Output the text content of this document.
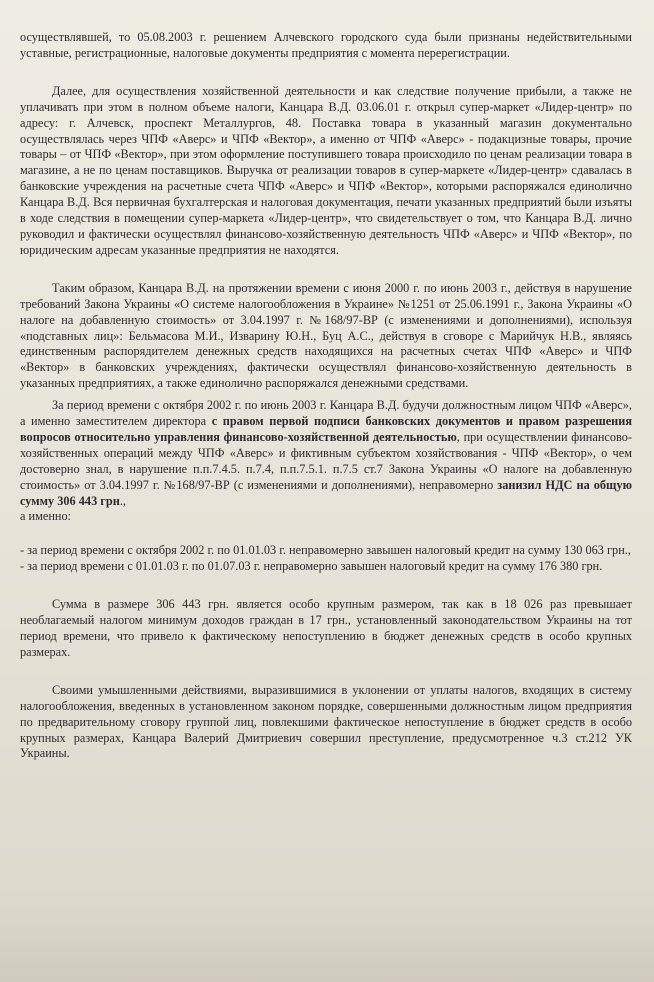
осуществлявшей, то 05.08.2003 г. решением Алчевского городского суда были признаны недействительными уставные, регистрационные, налоговые документы предприятия с момента перерегистрации.

Далее, для осуществления хозяйственной деятельности и как следствие получение прибыли, а также не уплачивать при этом в полном объеме налоги, Канцара В.Д. 03.06.01 г. открыл супер-маркет «Лидер-центр» по адресу: г. Алчевск, проспект Металлургов, 48. Поставка товара в указанный магазин документально осуществлялась через ЧПФ «Аверс» и ЧПФ «Вектор», а именно от ЧПФ «Аверс» - подакцизные товары, прочие товары – от ЧПФ «Вектор», при этом оформление поступившего товара происходило по ценам реализации товара в магазине, а не по ценам поставщиков. Выручка от реализации товаров в супер-маркете «Лидер-центр» сдавалась в банковские учреждения на расчетные счета ЧПФ «Аверс» и ЧПФ «Вектор», которыми распоряжался единолично Канцара В.Д. Вся первичная бухгалтерская и налоговая документация, печати указанных предприятий были изъяты в ходе следствия в помещении супер-маркета «Лидер-центр», что свидетельствует о том, что Канцара В.Д. лично руководил и фактически осуществлял финансово-хозяйственную деятельность ЧПФ «Аверс» и ЧПФ «Вектор», по юридическим адресам указанные предприятия не находятся.

Таким образом, Канцара В.Д. на протяжении времени с июня 2000 г. по июнь 2003 г., действуя в нарушение требований Закона Украины «О системе налогообложения в Украине» №1251 от 25.06.1991 г., Закона Украины «О налоге на добавленную стоимость» от 3.04.1997 г. №168/97-ВР (с изменениями и дополнениями), используя «подставных лиц»: Бельмасова М.И., Изварину Ю.Н., Буц А.С., действуя в сговоре с Марийчук Н.В., являясь единственным распорядителем денежных средств находящихся на расчетных счетах ЧПФ «Аверс» и ЧПФ «Вектор» в банковских учреждениях, фактически осуществлял финансово-хозяйственную деятельность в указанных предприятиях, а также единолично распоряжался денежными средствами.

За период времени с октября 2002 г. по июнь 2003 г. Канцара В.Д. будучи должностным лицом ЧПФ «Аверс», а именно заместителем директора с правом первой подписи банковских документов и правом разрешения вопросов относительно управления финансово-хозяйственной деятельностью, при осуществлении финансово-хозяйственных операций между ЧПФ «Аверс» и фиктивным субъектом хозяйствования - ЧПФ «Вектор», о чем достоверно знал, в нарушение п.п.7.4.5. п.7.4, п.п.7.5.1. п.7.5 ст.7 Закона Украины «О налоге на добавленную стоимость» от 3.04.1997 г. №168/97-ВР (с изменениями и дополнениями), неправомерно занизил НДС на общую сумму 306 443 грн.,
а именно:

- за период времени с октября 2002 г. по 01.01.03 г. неправомерно завышен налоговый кредит на сумму 130 063 грн.,

- за период времени с 01.01.03 г. по 01.07.03 г. неправомерно завышен налоговый кредит на сумму 176 380 грн.

Сумма в размере 306 443 грн. является особо крупным размером, так как в 18 026 раз превышает необлагаемый налогом минимум доходов граждан в 17 грн., установленный законодательством Украины на тот период времени, что привело к фактическому непоступлению в бюджет денежных средств в особо крупных размерах.

Своими умышленными действиями, выразившимися в уклонении от уплаты налогов, входящих в систему налогообложения, введенных в установленном законом порядке, совершенными должностным лицом предприятия по предварительному сговору группой лиц, повлекшими фактическое непоступление в бюджет средств в особо крупных размерах, Канцара Валерий Дмитриевич совершил преступление, предусмотренное ч.3 ст.212 УК Украины.
